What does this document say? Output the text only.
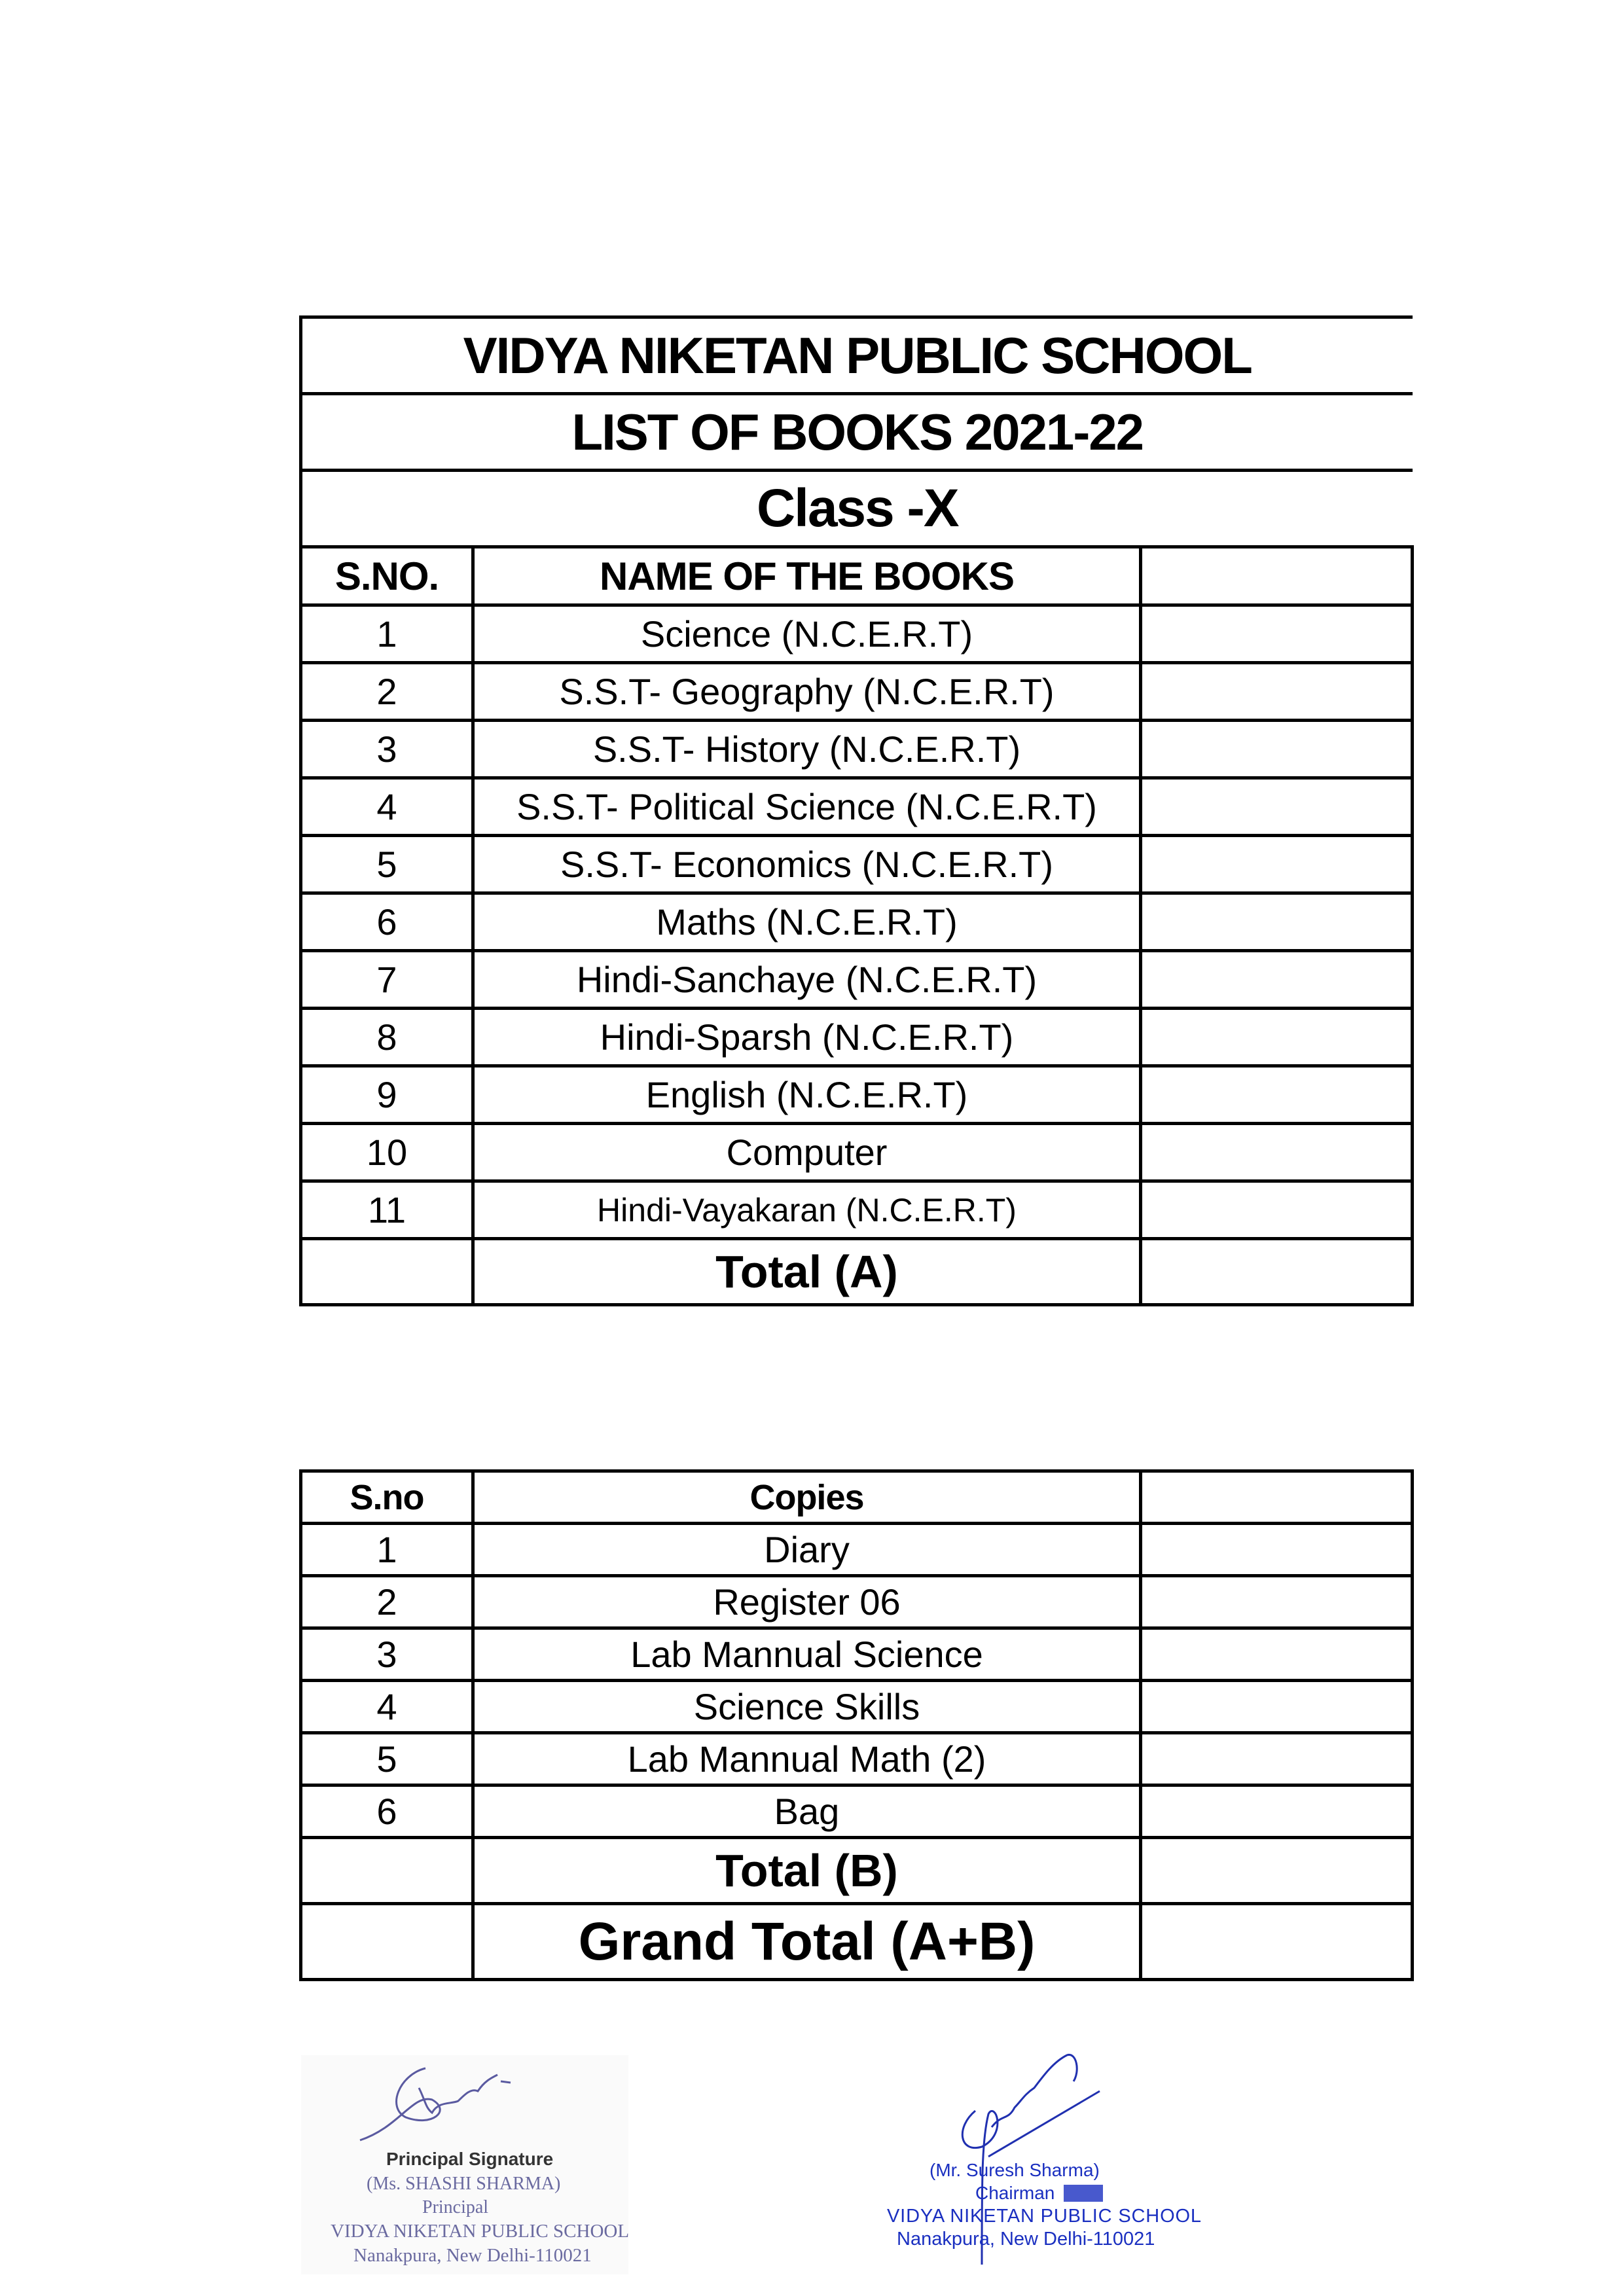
VIDYA NIKETAN PUBLIC SCHOOL		
LIST OF BOOKS 2021-22		
Class -X		
S.NO.	NAME OF THE BOOKS	
1	Science (N.C.E.R.T)	
2	S.S.T- Geography (N.C.E.R.T)	
3	S.S.T- History (N.C.E.R.T)	
4	S.S.T- Political Science (N.C.E.R.T)	
5	S.S.T- Economics (N.C.E.R.T)	
6	Maths (N.C.E.R.T)	
7	Hindi-Sanchaye (N.C.E.R.T)	
8	Hindi-Sparsh (N.C.E.R.T)	
9	English (N.C.E.R.T)	
10	Computer	
11	Hindi-Vayakaran (N.C.E.R.T)	
	Total (A)	
S.no	Copies	
1	Diary	
2	Register 06	
3	Lab Mannual Science	
4	Science Skills	
5	Lab Mannual Math (2)	
6	Bag	
	Total (B)	
	Grand Total (A+B)	
Principal Signature
(Ms. SHASHI SHARMA)
Principal
VIDYA NIKETAN PUBLIC SCHOOL
Nanakpura, New Delhi-110021
(Mr. Suresh Sharma)
Chairman
VIDYA NIKETAN PUBLIC SCHOOL
Nanakpura, New Delhi-110021
